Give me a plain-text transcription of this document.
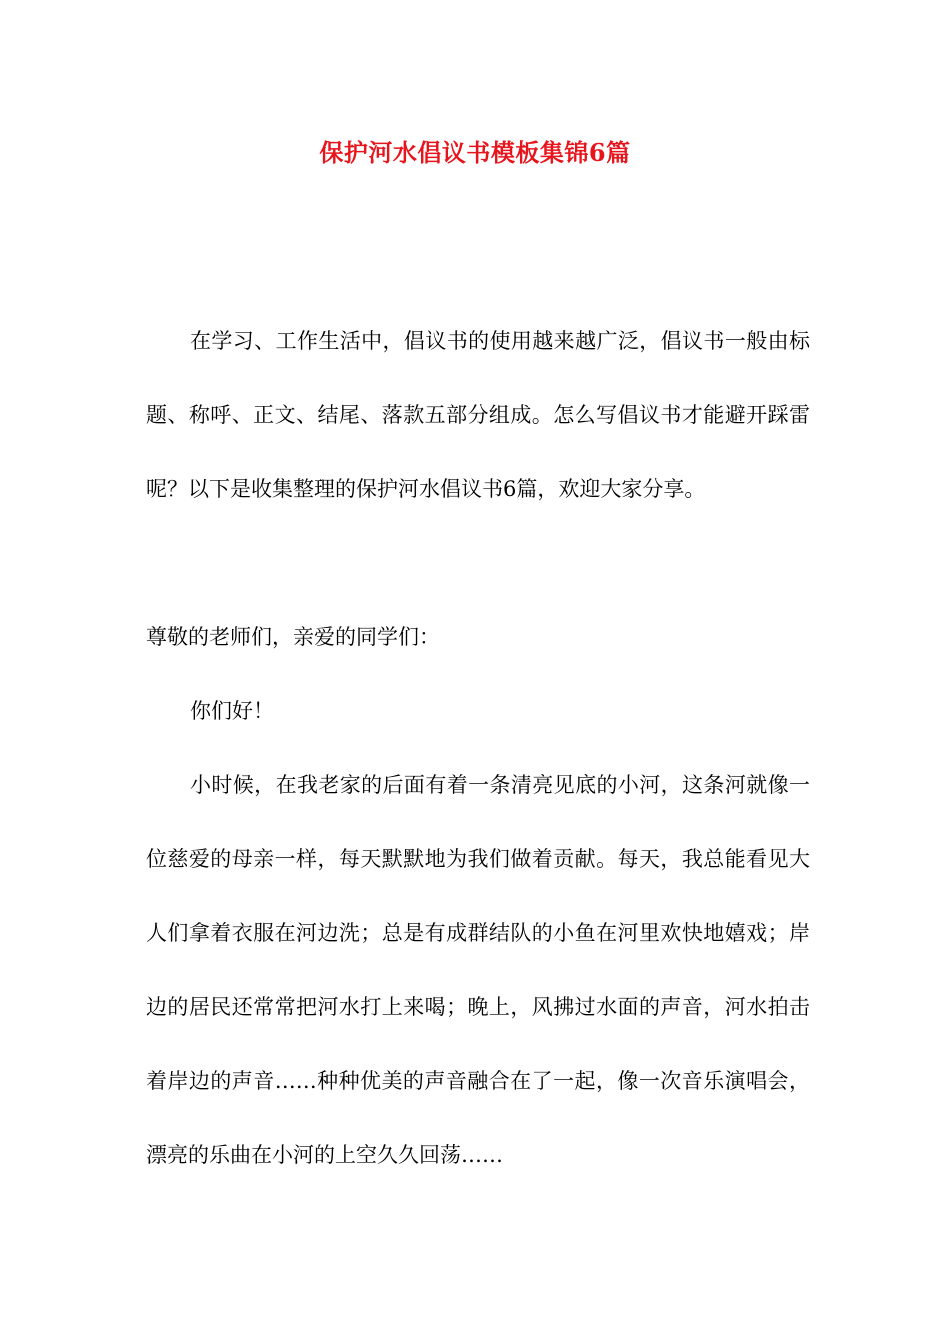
保护河水倡议书模板集锦6篇

在学习、工作生活中，倡议书的使用越来越广泛，倡议书一般由标题、称呼、正文、结尾、落款五部分组成。怎么写倡议书才能避开踩雷呢？以下是收集整理的保护河水倡议书6篇，欢迎大家分享。

尊敬的老师们，亲爱的同学们：

你们好！

小时候，在我老家的后面有着一条清亮见底的小河，这条河就像一位慈爱的母亲一样，每天默默地为我们做着贡献。每天，我总能看见大人们拿着衣服在河边洗；总是有成群结队的小鱼在河里欢快地嬉戏；岸边的居民还常常把河水打上来喝；晚上，风拂过水面的声音，河水拍击着岸边的声音……种种优美的声音融合在了一起，像一次音乐演唱会，漂亮的乐曲在小河的上空久久回荡……
